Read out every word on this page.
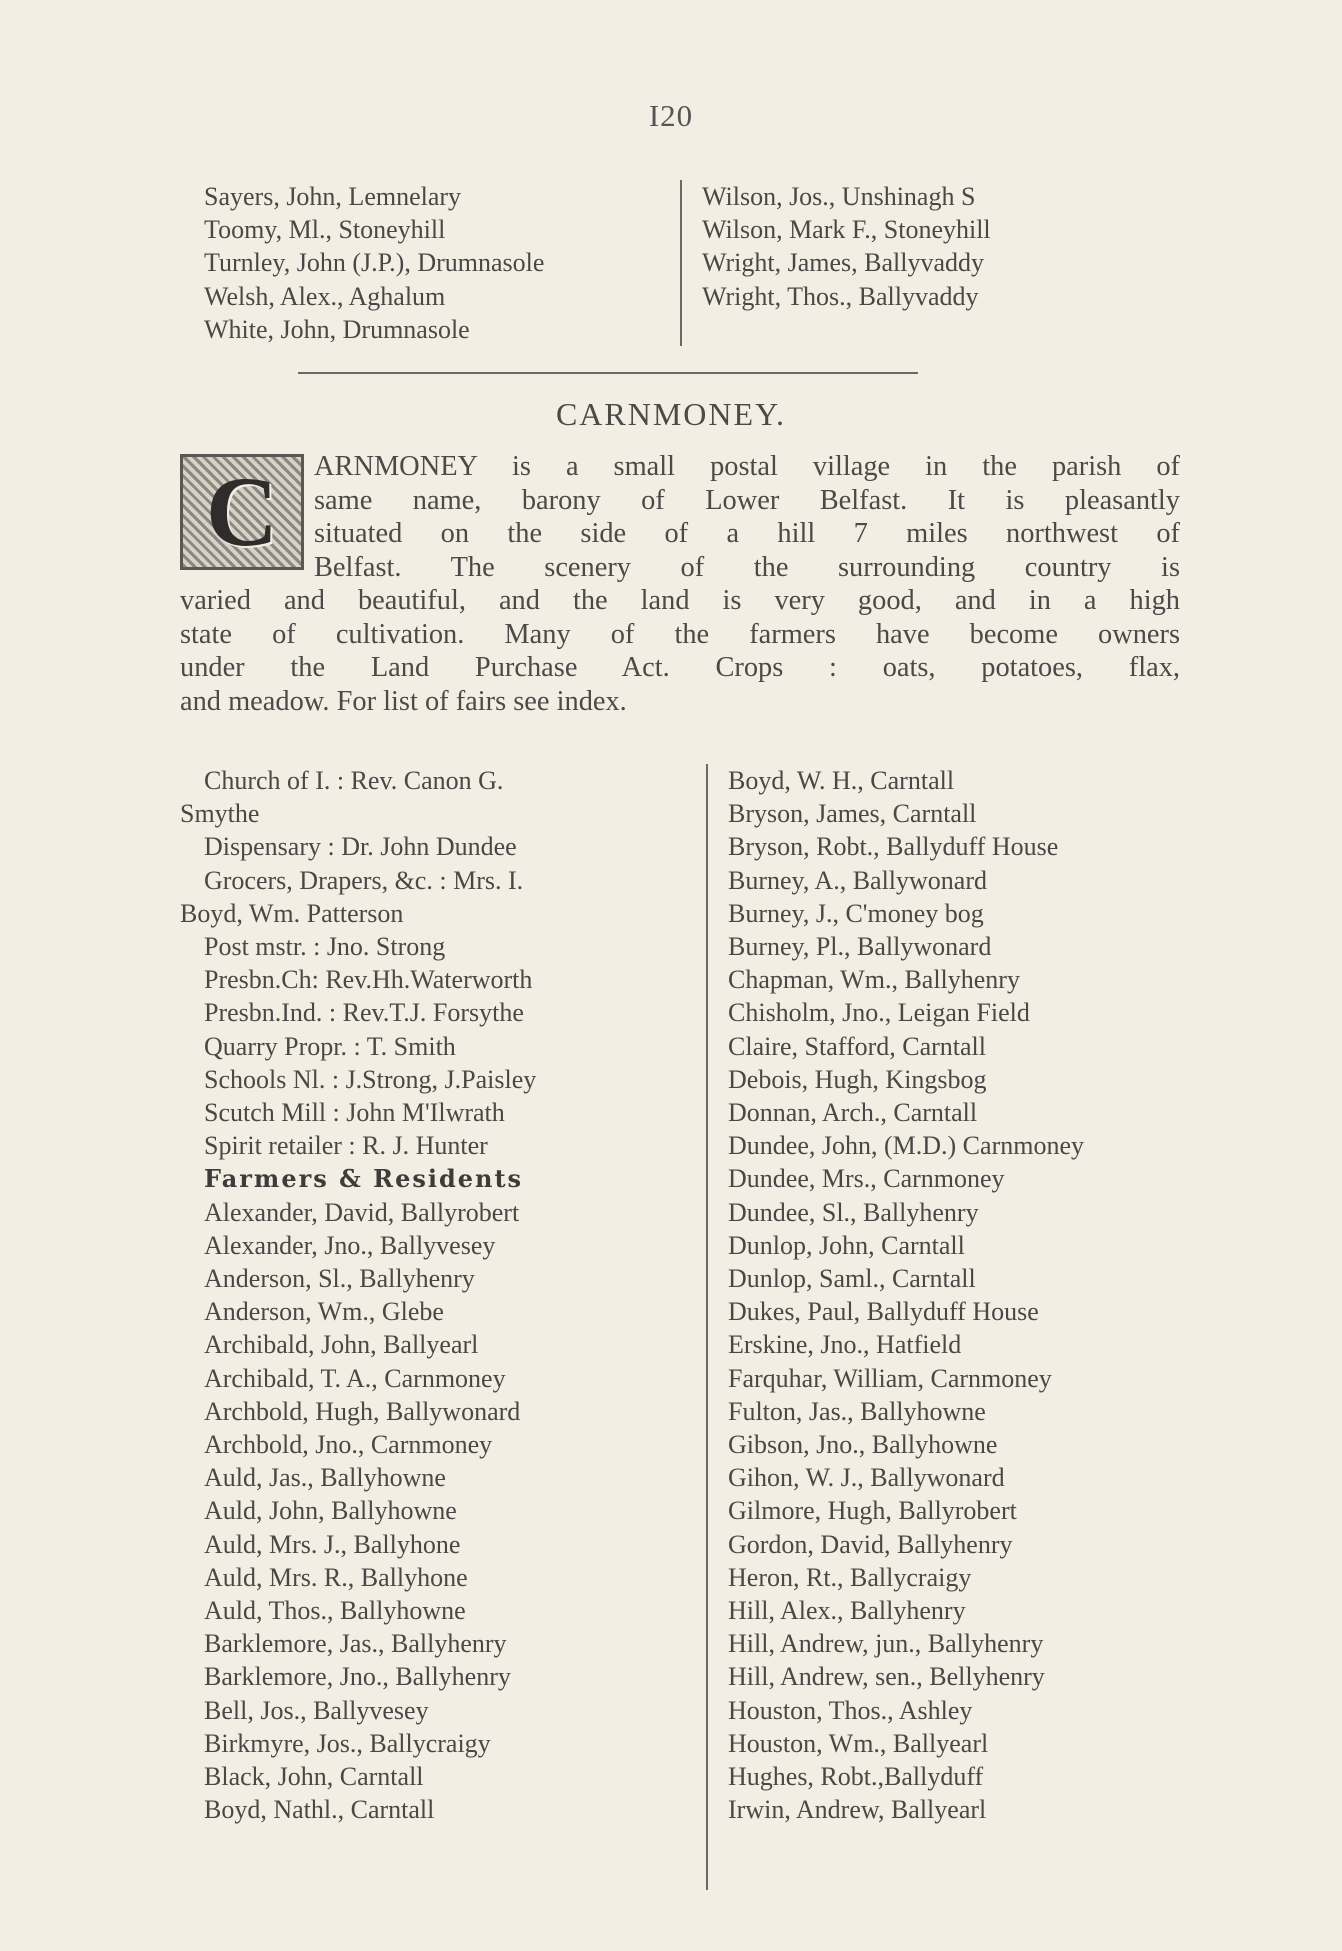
I20
Sayers, John, Lemnelary
Toomy, Ml., Stoneyhill
Turnley, John (J.P.), Drumnasole
Welsh, Alex., Aghalum
White, John, Drumnasole
Wilson, Jos., Unshinagh S
Wilson, Mark F., Stoneyhill
Wright, James, Ballyvaddy
Wright, Thos., Ballyvaddy
CARNMONEY.
C	ARNMONEY is a small postal village in the parish of
same name, barony of Lower Belfast. It is pleasantly
situated on the side of a hill 7 miles northwest of
Belfast. The scenery of the surrounding country is
varied and beautiful, and the land is very good, and in a high
state of cultivation. Many of the farmers have become owners
under the Land Purchase Act. Crops : oats, potatoes, flax,
and meadow. For list of fairs see index.
Church of I. : Rev. Canon G.
Smythe
Dispensary : Dr. John Dundee
Grocers, Drapers, &c. : Mrs. I.
Boyd, Wm. Patterson
Post mstr. : Jno. Strong
Presbn.Ch: Rev.Hh.Waterworth
Presbn.Ind. : Rev.T.J. Forsythe
Quarry Propr. : T. Smith
Schools Nl. : J.Strong, J.Paisley
Scutch Mill : John M'Ilwrath
Spirit retailer : R. J. Hunter
Farmers & Residents
Alexander, David, Ballyrobert
Alexander, Jno., Ballyvesey
Anderson, Sl., Ballyhenry
Anderson, Wm., Glebe
Archibald, John, Ballyearl
Archibald, T. A., Carnmoney
Archbold, Hugh, Ballywonard
Archbold, Jno., Carnmoney
Auld, Jas., Ballyhowne
Auld, John, Ballyhowne
Auld, Mrs. J., Ballyhone
Auld, Mrs. R., Ballyhone
Auld, Thos., Ballyhowne
Barklemore, Jas., Ballyhenry
Barklemore, Jno., Ballyhenry
Bell, Jos., Ballyvesey
Birkmyre, Jos., Ballycraigy
Black, John, Carntall
Boyd, Nathl., Carntall
Boyd, W. H., Carntall
Bryson, James, Carntall
Bryson, Robt., Ballyduff House
Burney, A., Ballywonard
Burney, J., C'money bog
Burney, Pl., Ballywonard
Chapman, Wm., Ballyhenry
Chisholm, Jno., Leigan Field
Claire, Stafford, Carntall
Debois, Hugh, Kingsbog
Donnan, Arch., Carntall
Dundee, John, (M.D.) Carnmoney
Dundee, Mrs., Carnmoney
Dundee, Sl., Ballyhenry
Dunlop, John, Carntall
Dunlop, Saml., Carntall
Dukes, Paul, Ballyduff House
Erskine, Jno., Hatfield
Farquhar, William, Carnmoney
Fulton, Jas., Ballyhowne
Gibson, Jno., Ballyhowne
Gihon, W. J., Ballywonard
Gilmore, Hugh, Ballyrobert
Gordon, David, Ballyhenry
Heron, Rt., Ballycraigy
Hill, Alex., Ballyhenry
Hill, Andrew, jun., Ballyhenry
Hill, Andrew, sen., Bellyhenry
Houston, Thos., Ashley
Houston, Wm., Ballyearl
Hughes, Robt.,Ballyduff
Irwin, Andrew, Ballyearl
